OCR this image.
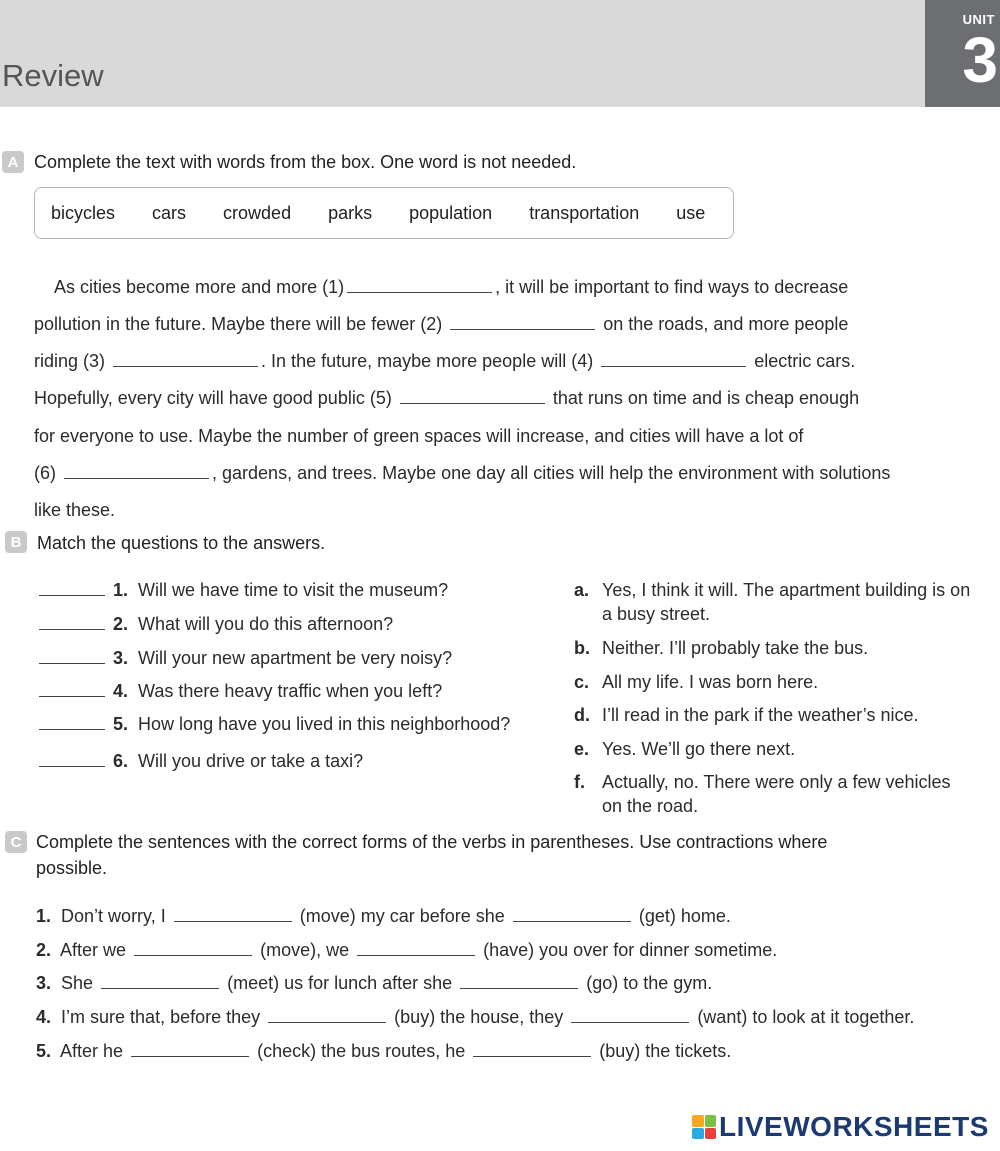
Review
UNIT
3
A Complete the text with words from the box. One word is not needed.
bicycles cars crowded parks population transportation use
As cities become more and more (1)	, it will be important to find ways to decrease
pollution in the future. Maybe there will be fewer (2)	on the roads, and more people
riding (3)	. In the future, maybe more people will (4)	electric cars.
Hopefully, every city will have good public (5)	that runs on time and is cheap enough
for everyone to use. Maybe the number of green spaces will increase, and cities will have a lot of
(6)	, gardens, and trees. Maybe one day all cities will help the environment with solutions
like these.
B Match the questions to the answers.
1. Will we have time to visit the museum?
2. What will you do this afternoon?
3. Will your new apartment be very noisy?
4. Was there heavy traffic when you left?
5. How long have you lived in this neighborhood?
6. Will you drive or take a taxi?
a. Yes, I think it will. The apartment building is on a busy street.
b. Neither. I’ll probably take the bus.
c. All my life. I was born here.
d. I’ll read in the park if the weather’s nice.
e. Yes. We’ll go there next.
f. Actually, no. There were only a few vehicles on the road.
C Complete the sentences with the correct forms of the verbs in parentheses. Use contractions where
possible.
1. Don’t worry, I	(move) my car before she	(get) home.
2. After we	(move), we	(have) you over for dinner sometime.
3. She	(meet) us for lunch after she	(go) to the gym.
4. I’m sure that, before they	(buy) the house, they	(want) to look at it together.
5. After he	(check) the bus routes, he	(buy) the tickets.
LIVEWORKSHEETS
